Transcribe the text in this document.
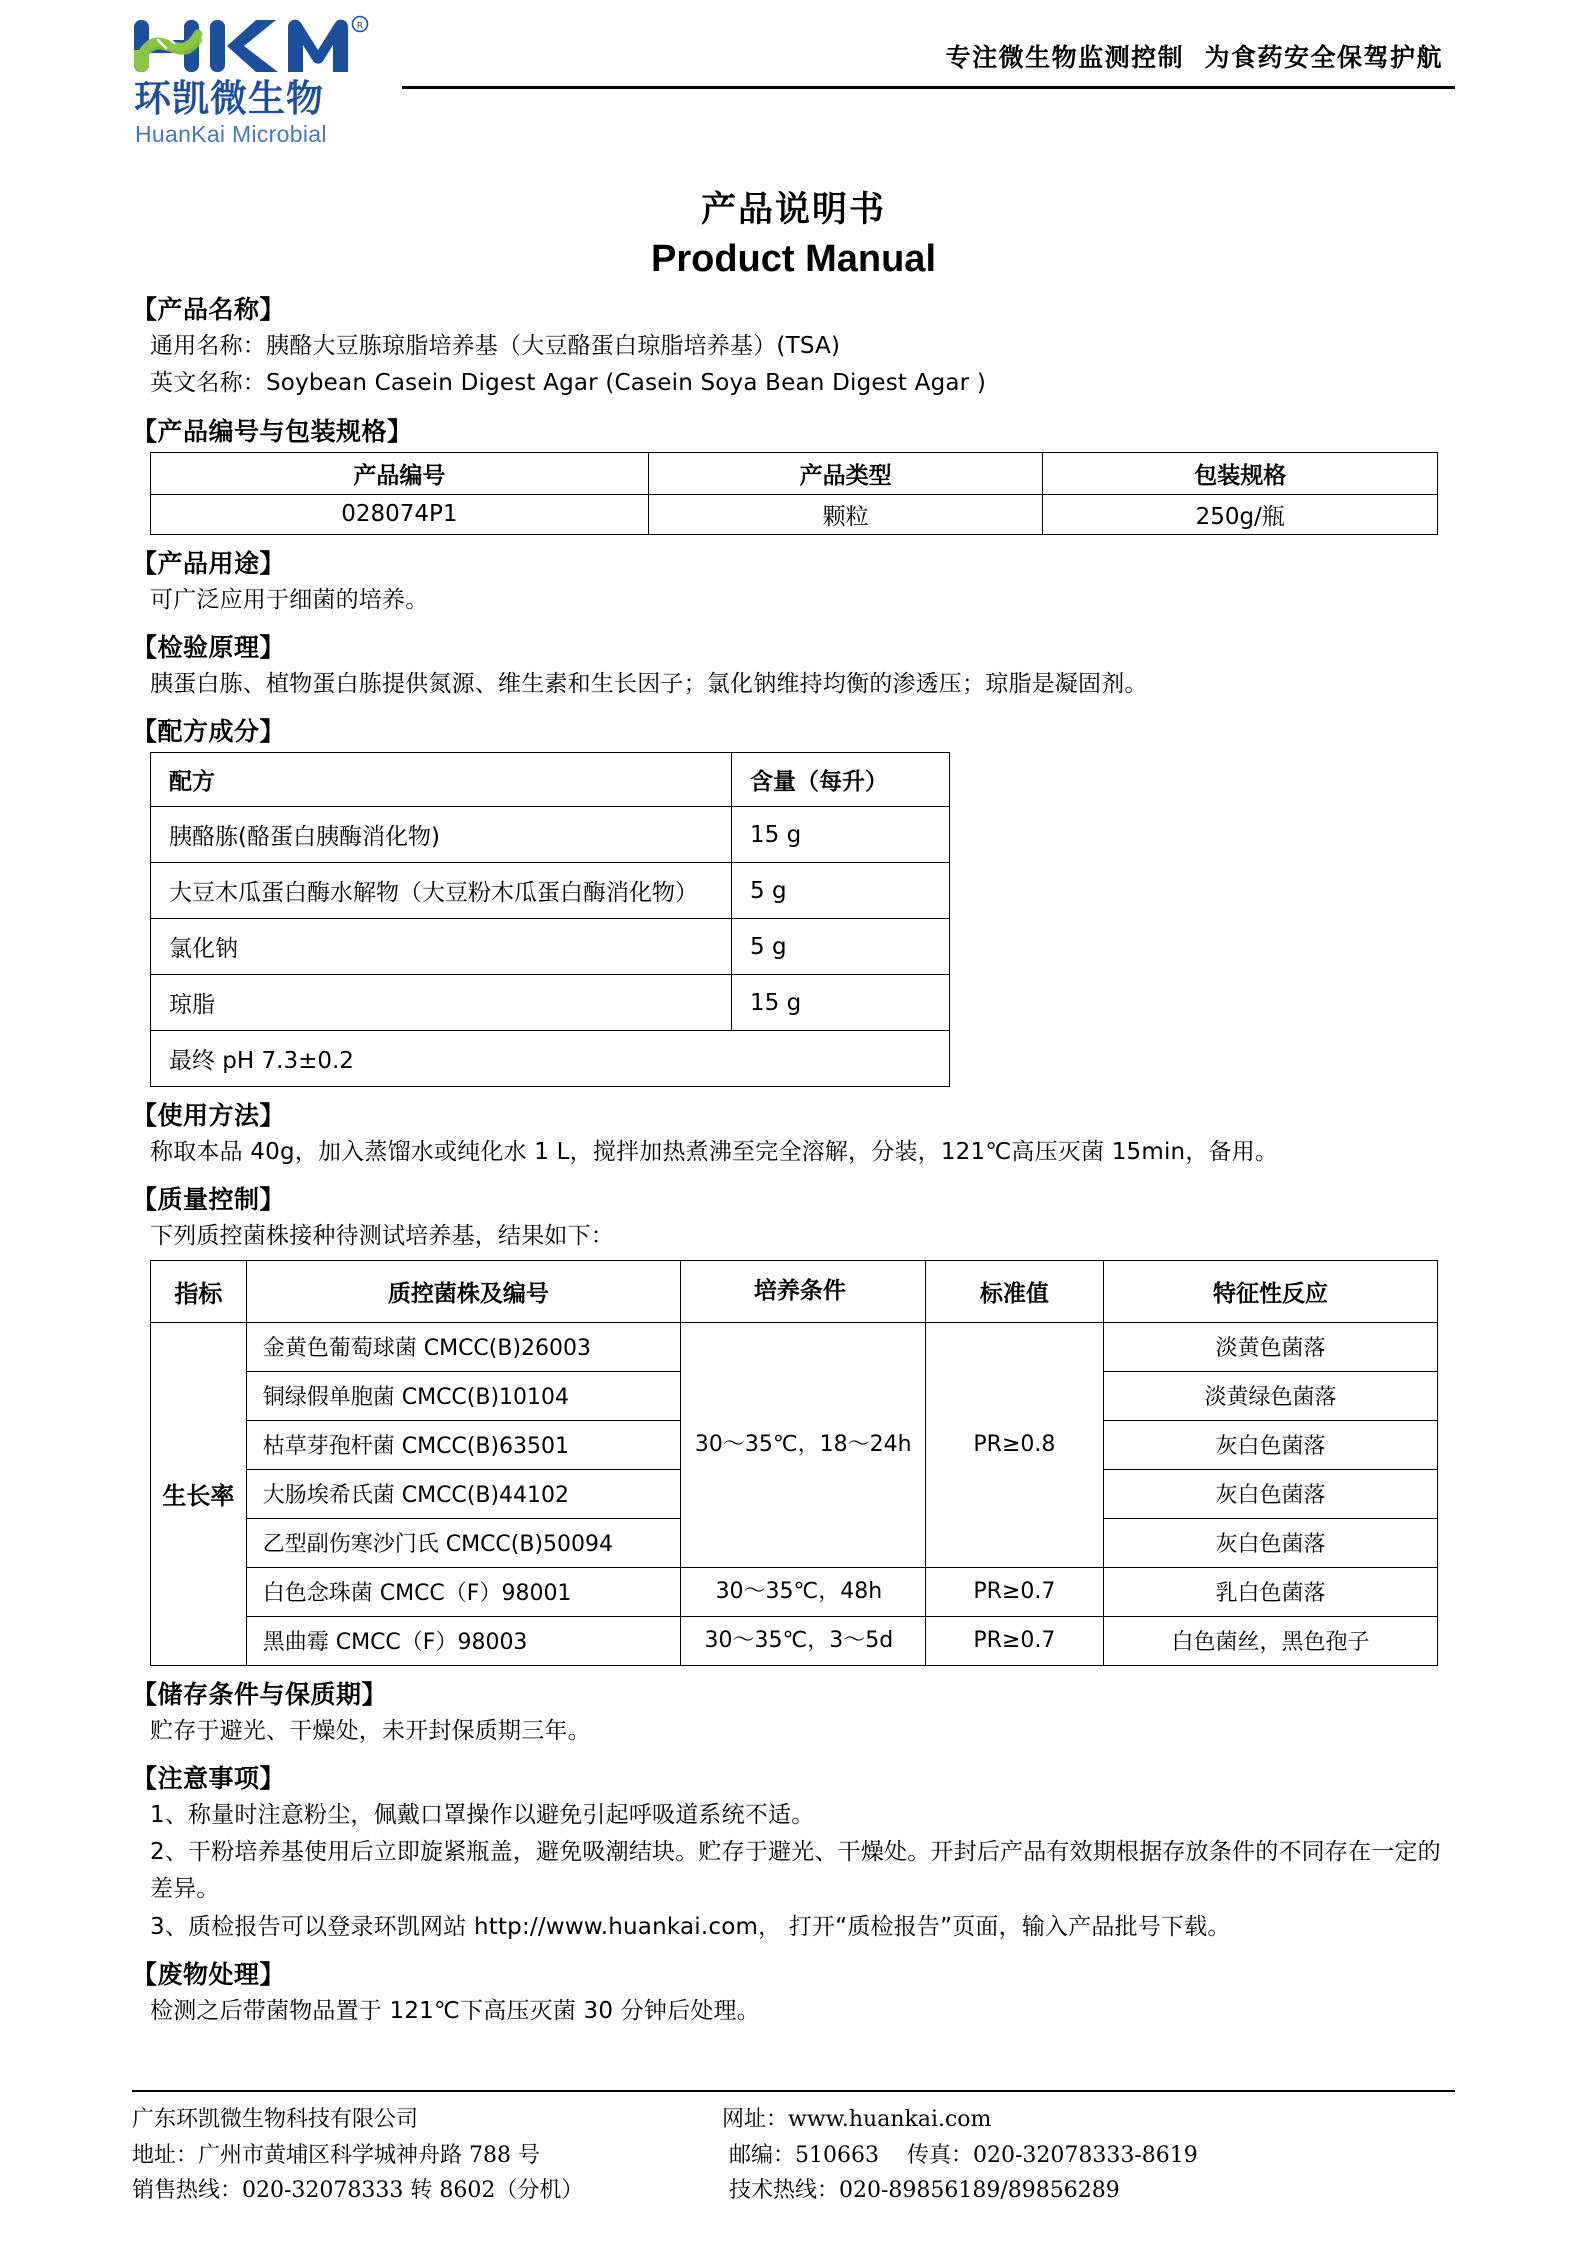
R
环凯微生物
HuanKai Microbial
专注微生物监测控制  为食药安全保驾护航
产品说明书
Product Manual
【产品名称】
通用名称：胰酪大豆胨琼脂培养基（大豆酪蛋白琼脂培养基）(TSA)
英文名称：Soybean Casein Digest Agar (Casein Soya Bean Digest Agar )
【产品编号与包装规格】
产品编号	产品类型	包装规格
028074P1	颗粒	250g/瓶
【产品用途】
可广泛应用于细菌的培养。
【检验原理】
胰蛋白胨、植物蛋白胨提供氮源、维生素和生长因子；氯化钠维持均衡的渗透压；琼脂是凝固剂。
【配方成分】
配方	含量（每升）
胰酪胨(酪蛋白胰酶消化物)	15 g
大豆木瓜蛋白酶水解物（大豆粉木瓜蛋白酶消化物）	5 g
氯化钠	5 g
琼脂	15 g
最终 pH 7.3±0.2	
【使用方法】
称取本品 40g，加入蒸馏水或纯化水 1 L，搅拌加热煮沸至完全溶解，分装，121℃高压灭菌 15min，备用。
【质量控制】
下列质控菌株接种待测试培养基，结果如下：
指标	质控菌株及编号	培养条件	标准值	特征性反应
生长率	金黄色葡萄球菌 CMCC(B)26003	30～35℃，18～24h	PR≥0.8	淡黄色菌落
	铜绿假单胞菌 CMCC(B)10104			淡黄绿色菌落
	枯草芽孢杆菌 CMCC(B)63501			灰白色菌落
	大肠埃希氏菌 CMCC(B)44102			灰白色菌落
	乙型副伤寒沙门氏 CMCC(B)50094			灰白色菌落
	白色念珠菌 CMCC（F）98001	30～35℃，48h	PR≥0.7	乳白色菌落
	黑曲霉 CMCC（F）98003	30～35℃，3～5d	PR≥0.7	白色菌丝，黑色孢子
【储存条件与保质期】
贮存于避光、干燥处，未开封保质期三年。
【注意事项】
1、称量时注意粉尘，佩戴口罩操作以避免引起呼吸道系统不适。
2、干粉培养基使用后立即旋紧瓶盖，避免吸潮结块。贮存于避光、干燥处。开封后产品有效期根据存放条件的不同存在一定的差异。
3、质检报告可以登录环凯网站 http://www.huankai.com， 打开“质检报告”页面，输入产品批号下载。
【废物处理】
检测之后带菌物品置于 121℃下高压灭菌 30 分钟后处理。
广东环凯微生物科技有限公司
地址：广州市黄埔区科学城神舟路 788 号
销售热线：020-32078333 转 8602（分机）
网址：www.huankai.com
邮编：510663    传真：020-32078333-8619
技术热线：020-89856189/89856289
